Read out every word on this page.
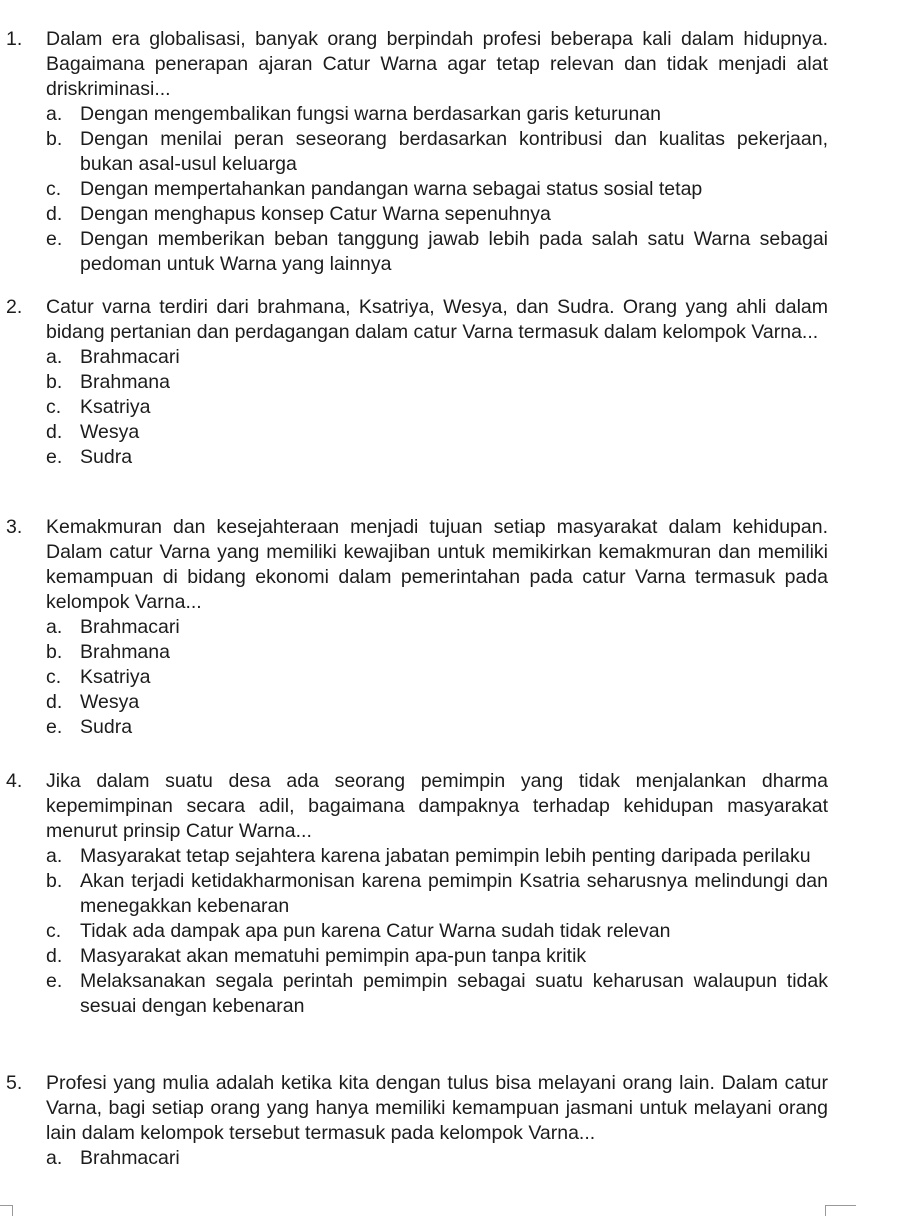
1. Dalam era globalisasi, banyak orang berpindah profesi beberapa kali dalam hidupnya. Bagaimana penerapan ajaran Catur Warna agar tetap relevan dan tidak menjadi alat driskriminasi...
a. Dengan mengembalikan fungsi warna berdasarkan garis keturunan
b. Dengan menilai peran seseorang berdasarkan kontribusi dan kualitas pekerjaan, bukan asal-usul keluarga
c. Dengan mempertahankan pandangan warna sebagai status sosial tetap
d. Dengan menghapus konsep Catur Warna sepenuhnya
e. Dengan memberikan beban tanggung jawab lebih pada salah satu Warna sebagai pedoman untuk Warna yang lainnya
2. Catur varna terdiri dari brahmana, Ksatriya, Wesya, dan Sudra. Orang yang ahli dalam bidang pertanian dan perdagangan dalam catur Varna termasuk dalam kelompok Varna...
a. Brahmacari
b. Brahmana
c. Ksatriya
d. Wesya
e. Sudra
3. Kemakmuran dan kesejahteraan menjadi tujuan setiap masyarakat dalam kehidupan. Dalam catur Varna yang memiliki kewajiban untuk memikirkan kemakmuran dan memiliki kemampuan di bidang ekonomi dalam pemerintahan pada catur Varna termasuk pada kelompok Varna...
a. Brahmacari
b. Brahmana
c. Ksatriya
d. Wesya
e. Sudra
4. Jika dalam suatu desa ada seorang pemimpin yang tidak menjalankan dharma kepemimpinan secara adil, bagaimana dampaknya terhadap kehidupan masyarakat menurut prinsip Catur Warna...
a. Masyarakat tetap sejahtera karena jabatan pemimpin lebih penting daripada perilaku
b. Akan terjadi ketidakharmonisan karena pemimpin Ksatria seharusnya melindungi dan menegakkan kebenaran
c. Tidak ada dampak apa pun karena Catur Warna sudah tidak relevan
d. Masyarakat akan mematuhi pemimpin apa-pun tanpa kritik
e. Melaksanakan segala perintah pemimpin sebagai suatu keharusan walaupun tidak sesuai dengan kebenaran
5. Profesi yang mulia adalah ketika kita dengan tulus bisa melayani orang lain. Dalam catur Varna, bagi setiap orang yang hanya memiliki kemampuan jasmani untuk melayani orang lain dalam kelompok tersebut termasuk pada kelompok Varna...
a. Brahmacari
